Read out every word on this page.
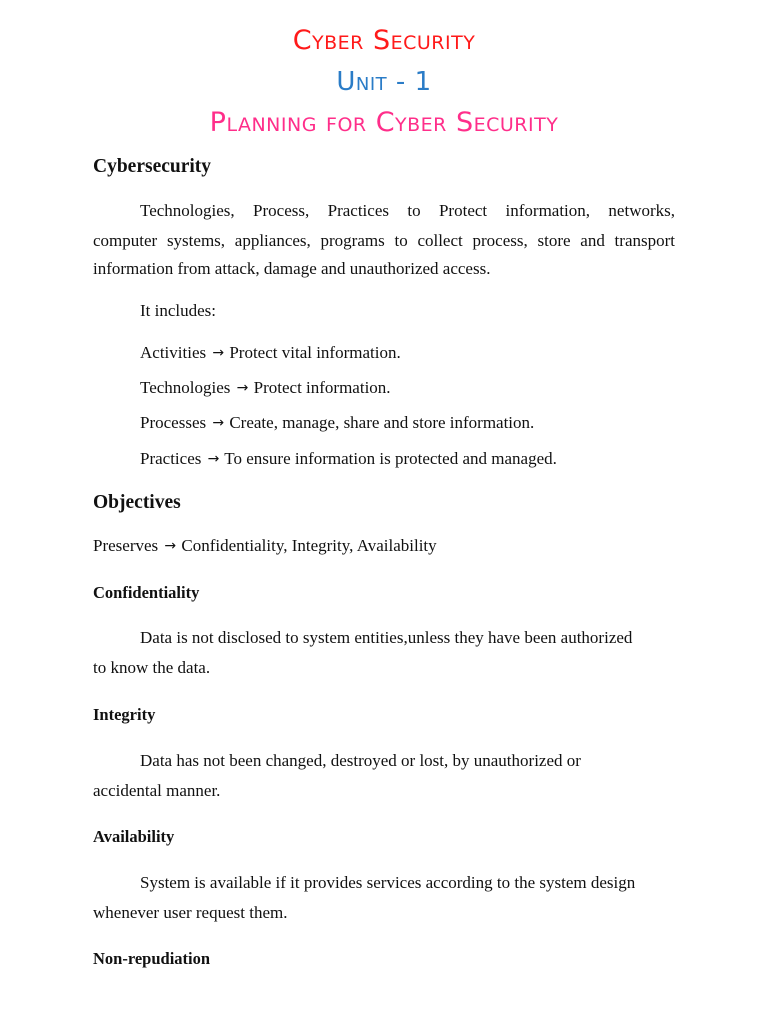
Cyber Security
Unit - 1
Planning for Cyber Security
Cybersecurity
Technologies, Process, Practices to Protect information, networks,
computer systems, appliances, programs to collect process, store and transport
information from attack, damage and unauthorized access.
It includes:
Activities → Protect vital information.
Technologies → Protect information.
Processes → Create, manage, share and store information.
Practices → To ensure information is protected and managed.
Objectives
Preserves → Confidentiality, Integrity, Availability
Confidentiality
Data is not disclosed to system entities,unless they have been authorized
to know the data.
Integrity
Data has not been changed, destroyed or lost, by unauthorized or
accidental manner.
Availability
System is available if it provides services according to the system design
whenever user request them.
Non-repudiation
